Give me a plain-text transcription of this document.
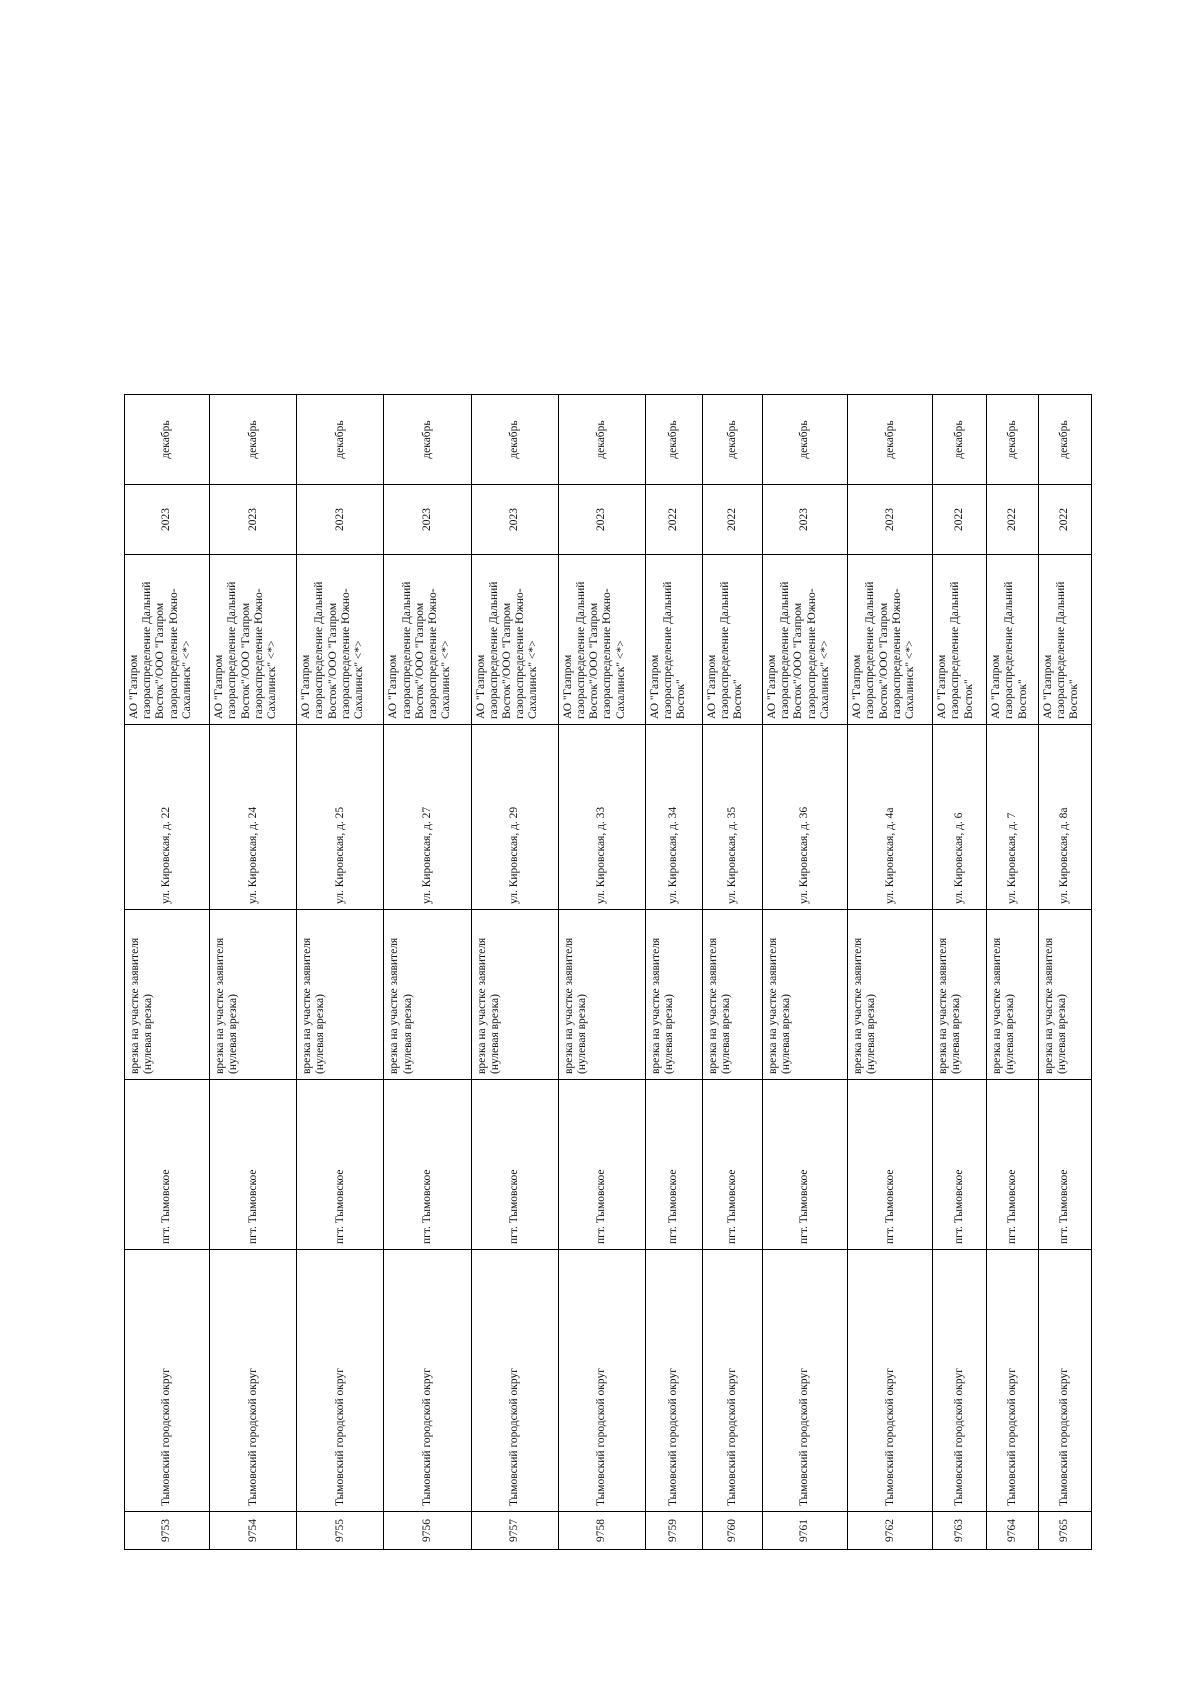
9753	Тымовский городской округ	пгт. Тымовское	врезка на участке заявителя (нулевая врезка)	ул. Кировская, д. 22	АО "Газпром газораспределение Дальний Восток"/ООО "Газпром газораспределение Южно-Сахалинск" <*>	2023	декабрь
9754	Тымовский городской округ	пгт. Тымовское	врезка на участке заявителя (нулевая врезка)	ул. Кировская, д. 24	АО "Газпром газораспределение Дальний Восток"/ООО "Газпром газораспределение Южно-Сахалинск" <*>	2023	декабрь
9755	Тымовский городской округ	пгт. Тымовское	врезка на участке заявителя (нулевая врезка)	ул. Кировская, д. 25	АО "Газпром газораспределение Дальний Восток"/ООО "Газпром газораспределение Южно-Сахалинск" <*>	2023	декабрь
9756	Тымовский городской округ	пгт. Тымовское	врезка на участке заявителя (нулевая врезка)	ул. Кировская, д. 27	АО "Газпром газораспределение Дальний Восток"/ООО "Газпром газораспределение Южно-Сахалинск" <*>	2023	декабрь
9757	Тымовский городской округ	пгт. Тымовское	врезка на участке заявителя (нулевая врезка)	ул. Кировская, д. 29	АО "Газпром газораспределение Дальний Восток"/ООО "Газпром газораспределение Южно-Сахалинск" <*>	2023	декабрь
9758	Тымовский городской округ	пгт. Тымовское	врезка на участке заявителя (нулевая врезка)	ул. Кировская, д. 33	АО "Газпром газораспределение Дальний Восток"/ООО "Газпром газораспределение Южно-Сахалинск" <*>	2023	декабрь
9759	Тымовский городской округ	пгт. Тымовское	врезка на участке заявителя (нулевая врезка)	ул. Кировская, д. 34	АО "Газпром газораспределение Дальний Восток"	2022	декабрь
9760	Тымовский городской округ	пгт. Тымовское	врезка на участке заявителя (нулевая врезка)	ул. Кировская, д. 35	АО "Газпром газораспределение Дальний Восток"	2022	декабрь
9761	Тымовский городской округ	пгт. Тымовское	врезка на участке заявителя (нулевая врезка)	ул. Кировская, д. 36	АО "Газпром газораспределение Дальний Восток"/ООО "Газпром газораспределение Южно-Сахалинск" <*>	2023	декабрь
9762	Тымовский городской округ	пгт. Тымовское	врезка на участке заявителя (нулевая врезка)	ул. Кировская, д. 4а	АО "Газпром газораспределение Дальний Восток"/ООО "Газпром газораспределение Южно-Сахалинск" <*>	2023	декабрь
9763	Тымовский городской округ	пгт. Тымовское	врезка на участке заявителя (нулевая врезка)	ул. Кировская, д. 6	АО "Газпром газораспределение Дальний Восток"	2022	декабрь
9764	Тымовский городской округ	пгт. Тымовское	врезка на участке заявителя (нулевая врезка)	ул. Кировская, д. 7	АО "Газпром газораспределение Дальний Восток"	2022	декабрь
9765	Тымовский городской округ	пгт. Тымовское	врезка на участке заявителя (нулевая врезка)	ул. Кировская, д. 8а	АО "Газпром газораспределение Дальний Восток"	2022	декабрь
